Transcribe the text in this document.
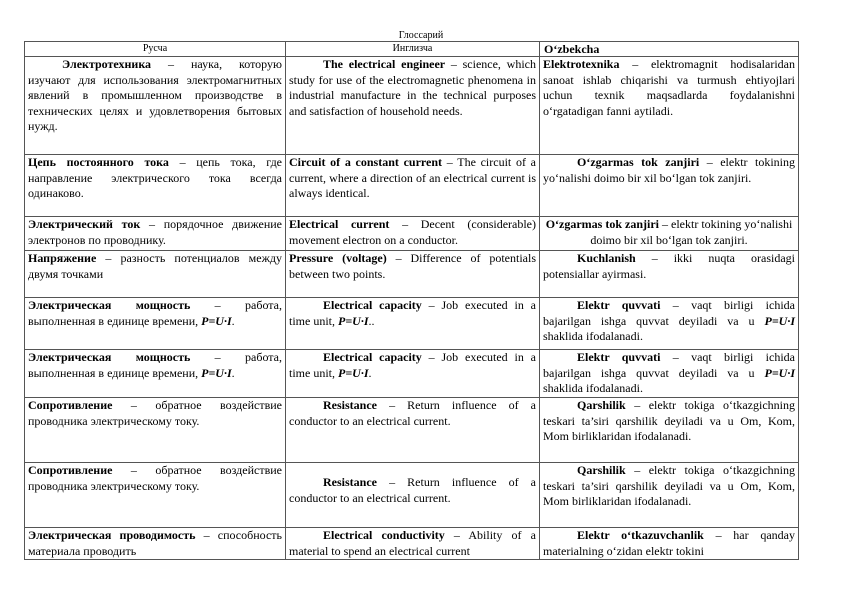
Глоссарий
Русча	Инглизча	O‘zbekcha
Электротехника – наука, которую изучают для использования электромагнитных явлений в промышленном производстве в технических целях и удовлетворения бытовых нужд.	The electrical engineer – science, which study for use of the electromagnetic phenomena in industrial manufacture in the technical purposes and satisfaction of household needs.	Elektrotexnika – elektromagnit hodisalaridan sanoat ishlab chiqarishi va turmush ehtiyojlari uchun texnik maqsadlarda foydalanishni o‘rgatadigan fanni aytiladi.
Цепь постоянного тока – цепь тока, где направление электрического тока всегда одинаково.	Circuit of a constant current – The circuit of a current, where a direction of an electrical current is always identical.	O‘zgarmas tok zanjiri – elektr tokining yo‘nalishi doimo bir xil bo‘lgan tok zanjiri.
Электрический ток – порядочное движение электронов по проводнику.	Electrical current – Decent (considerable) movement electron on a conductor.	O‘zgarmas tok zanjiri – elektr tokining yo‘nalishi doimo bir xil bo‘lgan tok zanjiri.
Напряжение – разность потенциалов между двумя точками	Pressure (voltage) – Difference of potentials between two points.	Kuchlanish – ikki nuqta orasidagi potensiallar ayirmasi.
Электрическая мощность – работа, выполненная в единице времени, P=U∙I.	Electrical capacity – Job executed in a time unit, P=U∙I..	Elektr quvvati – vaqt birligi ichida bajarilgan ishga quvvat deyiladi va u P=U∙I shaklida ifodalanadi.
Электрическая мощность – работа, выполненная в единице времени, P=U∙I.	Electrical capacity – Job executed in a time unit, P=U∙I.	Elektr quvvati – vaqt birligi ichida bajarilgan ishga quvvat deyiladi va u P=U∙I shaklida ifodalanadi.
Сопротивление – обратное воздействие проводника электрическому току.	Resistance – Return influence of a conductor to an electrical current.	Qarshilik – elektr tokiga o‘tkazgichning teskari ta’siri qarshilik deyiladi va u Om, Kom, Mom birliklaridan ifodalanadi.
Сопротивление – обратное воздействие проводника электрическому току.	Resistance – Return influence of a conductor to an electrical current.	Qarshilik – elektr tokiga o‘tkazgichning teskari ta’siri qarshilik deyiladi va u Om, Kom, Mom birliklaridan ifodalanadi.
Электрическая проводимость – способность материала проводить	Electrical conductivity – Ability of a material to spend an electrical current	Elektr o‘tkazuvchanlik – har qanday materialning o‘zidan elektr tokini
